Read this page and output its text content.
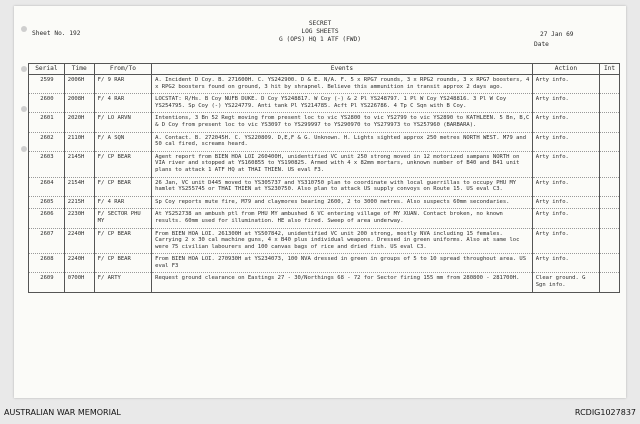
Sheet No. 192
SECRET
LOG SHEETS
G (OPS) HQ 1 ATF (FWD)
27 Jan 69
Date
Serial	Time	From/To	Events	Action	Int
2599	2006H	F/ 9 RAR	A. Incident D Coy. B. 271600H. C. YS242900. D & E. N/A. F. 5 x RPG7 rounds, 3 x RPG2 rounds, 3 x RPG7 boosters, 4 x RPG2 boosters found on ground, 3 hit by shrapnel. Believe this ammunition in transit approx 2 days ago.	Arty info.	
2600	2008H	F/ 4 RAR	LOCSTAT: R/Hs. B Coy NUFB DUKE. D Coy YS248817. W Coy (-) & 2 Pl YS248797. 1 Pl W Coy YS248816. 3 Pl W Coy YS254795. Sp Coy (-) YS224779. Anti tank Pl YS214785. Acft Pl YS226786. 4 Tp C Sqn with B Coy.	Arty info.	
2601	2020H	F/ LO ARVN	Intentions, 3 Bn 52 Regt moving from present loc to vic YS2800 to vic YS2799 to vic YS2890 to KATHLEEN. 5 Bn, B,C & D Coy from present loc to vic YS3097 to YS299997 to YS290970 to YS279973 to YS257960 (BARBARA).	Arty info.	
2602	2110H	F/ A SQN	A. Contact. B. 272045H. C. YS220809. D,E,F & G. Unknown. H. Lights sighted approx 250 metres NORTH WEST. M79 and 50 cal fired, screams heard.	Arty info.	
2603	2145H	F/ CP BEAR	Agent report from BIEN HOA LOI 260400H, unidentified VC unit 250 strong moved in 12 motorized sampans NORTH on VIA river and stopped at YS160855 to YS190825. Armed with 4 x 82mm mortars, unknown number of B40 and B41 unit plans to attack 1 ATF HQ at THAI THIEN. US eval F3.	Arty info.	
2604	2154H	F/ CP BEAR	26 Jan, VC unit D445 moved to YS305737 and YS310750 plan to coordinate with local guerrillas to occupy PHU MY hamlet YS255745 or THAI THIEN at YS230750. Also plan to attack US supply convoys on Route 15. US eval C3.	Arty info.	
2605	2215H	F/ 4 RAR	Sp Coy reports mute fire, M79 and claymores bearing 2600, 2 to 3000 metres. Also suspects 60mm secondaries.	Arty info.	
2606	2230H	F/ SECTOR PHU MY	At YS252738 an ambush ptl from PHU MY ambushed 6 VC entering village of MY XUAN. Contact broken, no known results. 60mm used for illumination. HE also fired. Sweep of area underway.	Arty info.	
2607	2240H	F/ CP BEAR	From BIEN HOA LOI. 261300H at YS507842, unidentified VC unit 200 strong, mostly NVA including 15 females. Carrying 2 x 30 cal machine guns, 4 x B40 plus individual weapons. Dressed in green uniforms. Also at same loc were 75 civilian labourers and 100 canvas bags of rice and dried fish. US eval C3.	Arty info.	
2608	2240H	F/ CP BEAR	From BIEN HOA LOI. 270930H at YS234073, 100 NVA dressed in green in groups of 5 to 10 spread throughout area. US eval F3	Arty info.	
2609	0700H	F/ ARTY	Request ground clearance on Eastings 27 - 30/Northings 68 - 72 for Sector firing 155 mm from 280800 - 281700H.	Clear ground. G Sgn info.	
AUSTRALIAN WAR MEMORIAL	RCDIG1027837
